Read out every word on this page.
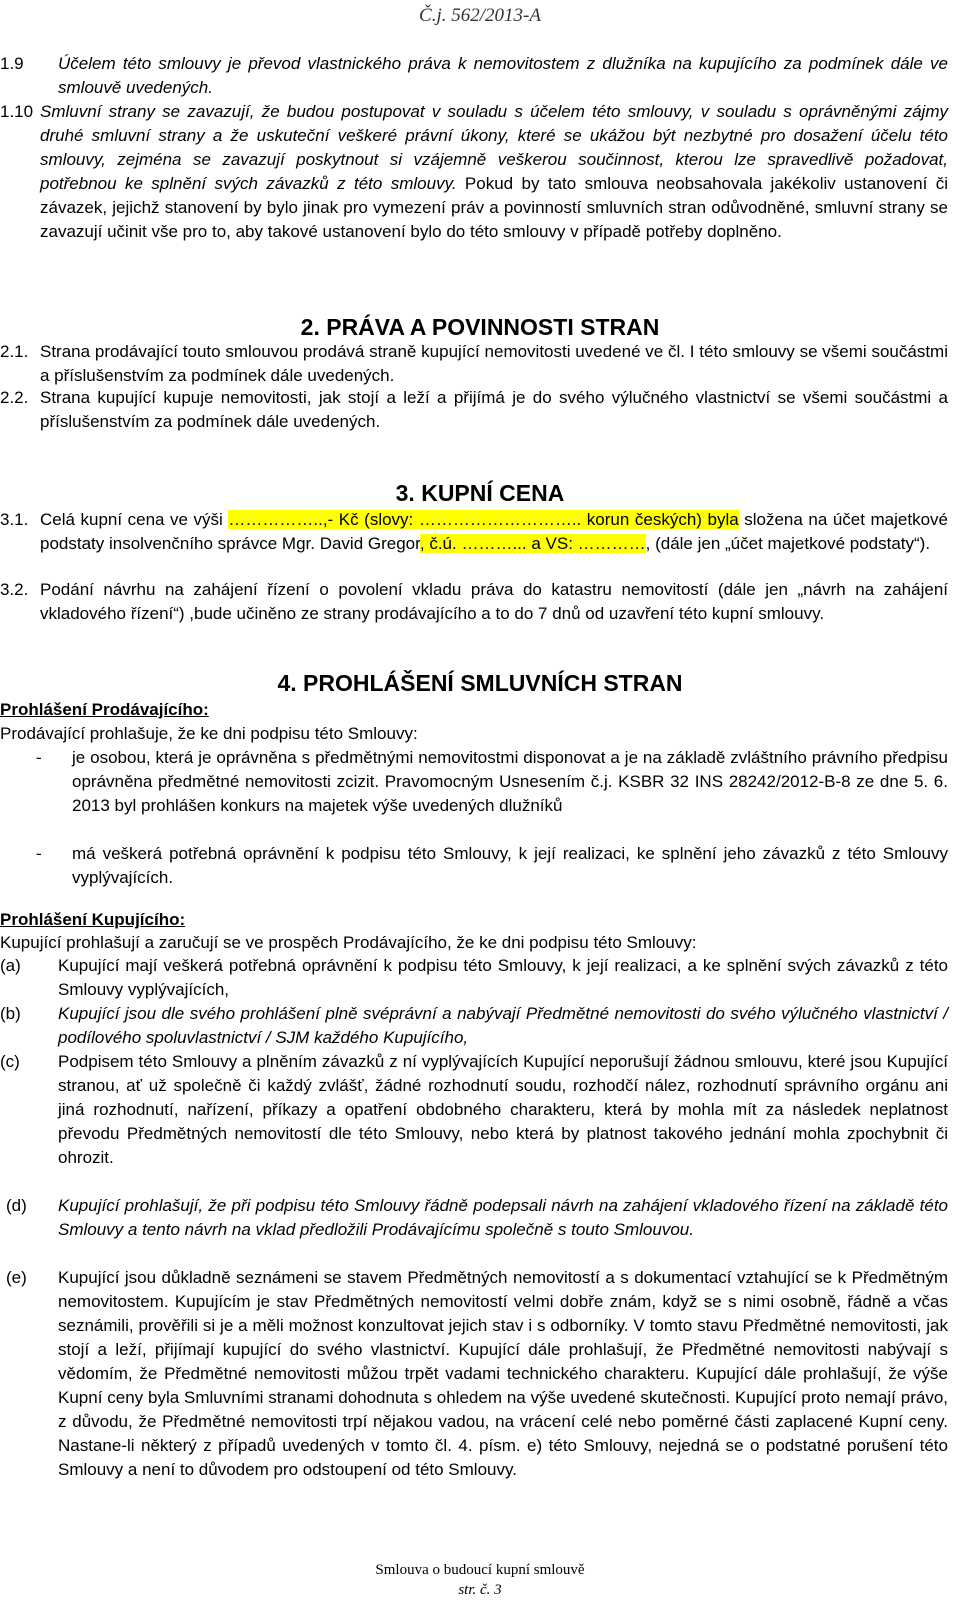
Č.j. 562/2013-A
1.9	Účelem této smlouvy je převod vlastnického práva k nemovitostem z dlužníka na kupujícího za podmínek dále ve smlouvě uvedených.
1.10 Smluvní strany se zavazují, že budou postupovat v souladu s účelem této smlouvy, v souladu s oprávněnými zájmy druhé smluvní strany a že uskuteční veškeré právní úkony, které se ukážou být nezbytné pro dosažení účelu této smlouvy, zejména se zavazují poskytnout si vzájemně veškerou součinnost, kterou lze spravedlivě požadovat, potřebnou ke splnění svých závazků z této smlouvy. Pokud by tato smlouva neobsahovala jakékoliv ustanovení či závazek, jejichž stanovení by bylo jinak pro vymezení práv a povinností smluvních stran odůvodněné, smluvní strany se zavazují učinit vše pro to, aby takové ustanovení bylo do této smlouvy v případě potřeby doplněno.
2. PRÁVA A POVINNOSTI STRAN
2.1. Strana prodávající touto smlouvou prodává straně kupující nemovitosti uvedené ve čl. I této smlouvy se všemi součástmi a příslušenstvím za podmínek dále uvedených.
2.2. Strana kupující kupuje nemovitosti, jak stojí a leží a přijímá je do svého výlučného vlastnictví se všemi součástmi a příslušenstvím za podmínek dále uvedených.
3. KUPNÍ CENA
3.1. Celá kupní cena ve výši ……………..,- Kč (slovy: ……………………….. korun českých) byla složena na účet majetkové podstaty insolvenčního správce Mgr. David Gregor, č.ú. ………... a VS: …………, (dále jen „účet majetkové podstaty“).
3.2. Podání návrhu na zahájení řízení o povolení vkladu práva do katastru nemovitostí (dále jen „návrh na zahájení vkladového řízení“) ,bude učiněno ze strany prodávajícího a to do 7 dnů od uzavření této kupní smlouvy.
4. PROHLÁŠENÍ SMLUVNÍCH STRAN
Prohlášení Prodávajícího:
Prodávající prohlašuje, že ke dni podpisu této Smlouvy:
-	je osobou, která je oprávněna s předmětnými nemovitostmi disponovat a je na základě zvláštního právního předpisu oprávněna předmětné nemovitosti zcizit. Pravomocným Usnesením č.j. KSBR 32 INS 28242/2012-B-8 ze dne 5. 6. 2013 byl prohlášen konkurs na majetek výše uvedených dlužníků
-	má veškerá potřebná oprávnění k podpisu této Smlouvy, k její realizaci, ke splnění jeho závazků z této Smlouvy vyplývajících.
Prohlášení Kupujícího:
Kupující prohlašují a zaručují se ve prospěch Prodávajícího, že ke dni podpisu této Smlouvy:
(a)	Kupující mají veškerá potřebná oprávnění k podpisu této Smlouvy, k její realizaci, a ke splnění svých závazků z této Smlouvy vyplývajících,
(b)	Kupující jsou dle svého prohlášení plně svéprávní a nabývají Předmětné nemovitosti do svého výlučného vlastnictví / podílového spoluvlastnictví / SJM každého Kupujícího,
(c)	Podpisem této Smlouvy a plněním závazků z ní vyplývajících Kupující neporušují žádnou smlouvu, které jsou Kupující stranou, ať už společně či každý zvlášť, žádné rozhodnutí soudu, rozhodčí nález, rozhodnutí správního orgánu ani jiná rozhodnutí, nařízení, příkazy a opatření obdobného charakteru, která by mohla mít za následek neplatnost převodu Předmětných nemovitostí dle této Smlouvy, nebo která by platnost takového jednání mohla zpochybnit či ohrozit.
(d)	Kupující prohlašují, že při podpisu této Smlouvy řádně podepsali návrh na zahájení vkladového řízení na základě této Smlouvy a tento návrh na vklad předložili Prodávajícímu společně s touto Smlouvou.
(e)	Kupující jsou důkladně seznámeni se stavem Předmětných nemovitostí a s dokumentací vztahující se k Předmětným nemovitostem. Kupujícím je stav Předmětných nemovitostí velmi dobře znám, když se s nimi osobně, řádně a včas seznámili, prověřili si je a měli možnost konzultovat jejich stav i s odborníky. V tomto stavu Předmětné nemovitosti, jak stojí a leží, přijímají kupující do svého vlastnictví. Kupující dále prohlašují, že Předmětné nemovitosti nabývají s vědomím, že Předmětné nemovitosti můžou trpět vadami technického charakteru. Kupující dále prohlašují, že výše Kupní ceny byla Smluvními stranami dohodnuta s ohledem na výše uvedené skutečnosti. Kupující proto nemají právo, z důvodu, že Předmětné nemovitosti trpí nějakou vadou, na vrácení celé nebo poměrné části zaplacené Kupní ceny. Nastane-li některý z případů uvedených v tomto čl. 4. písm. e) této Smlouvy, nejedná se o podstatné porušení této Smlouvy a není to důvodem pro odstoupení od této Smlouvy.
Smlouva o budoucí kupní smlouvě
str. č. 3
